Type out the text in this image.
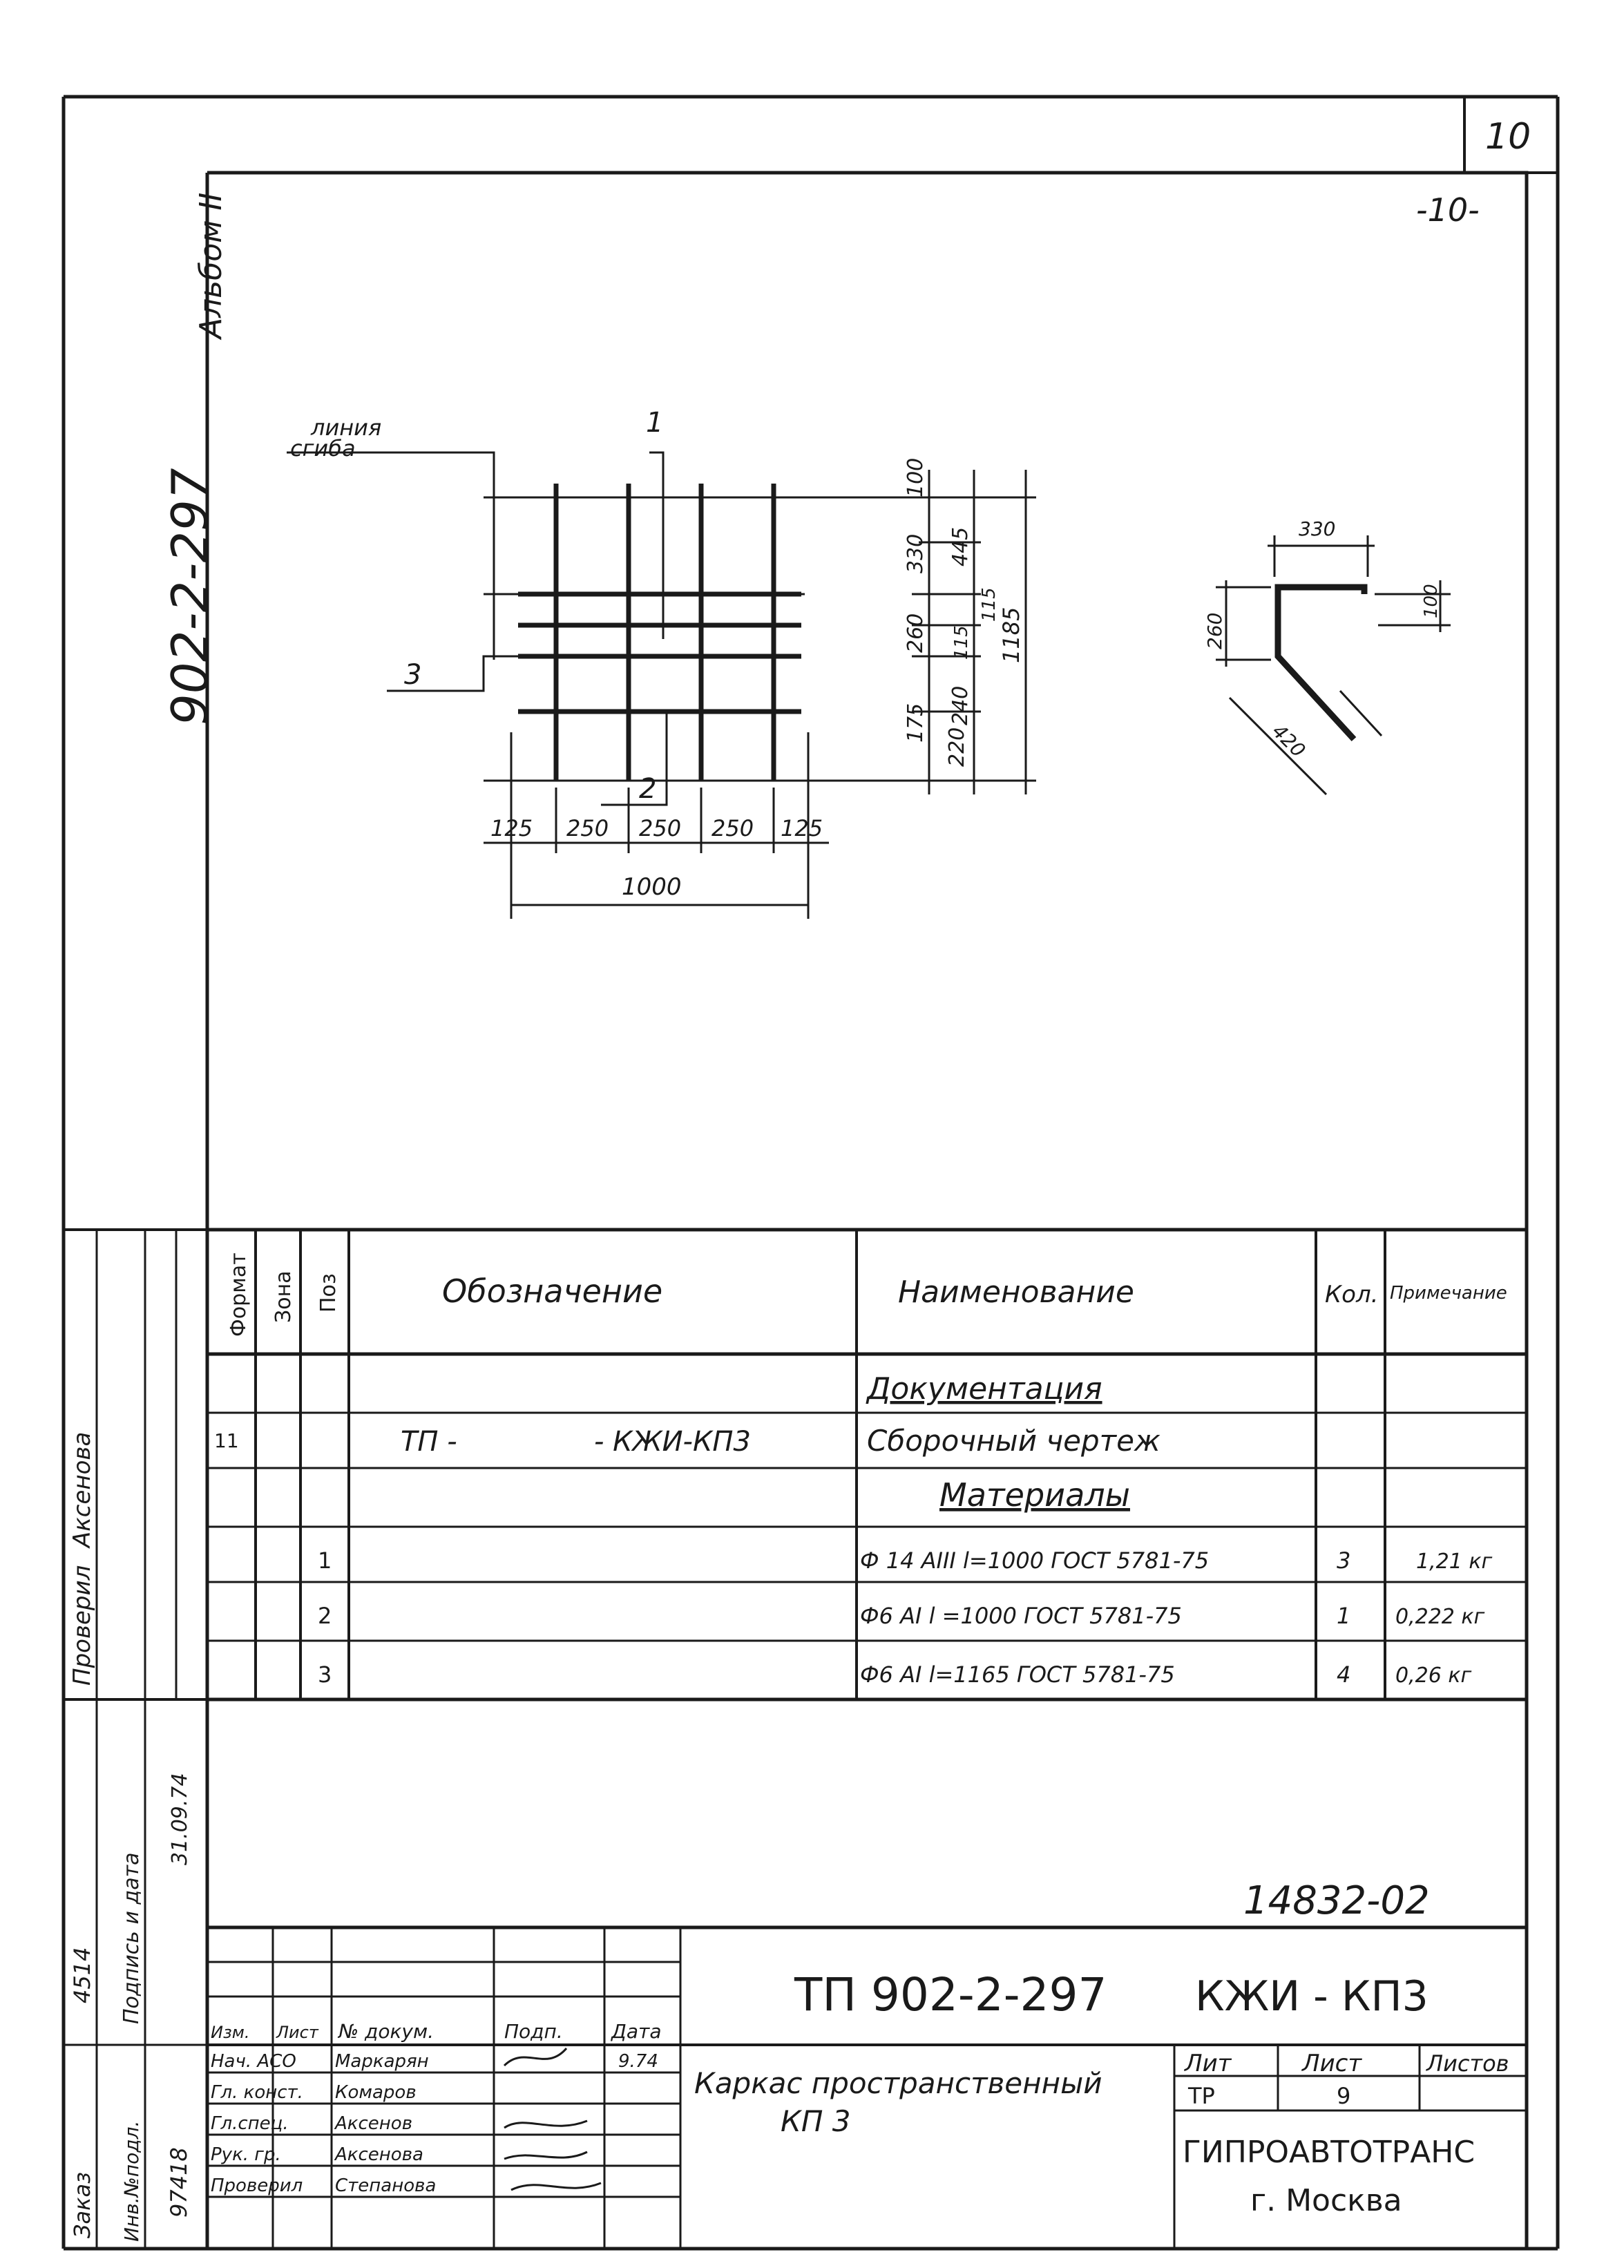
10
-10-
Альбом II
902-2-297
линия
сгиба
1
3
2
125 250 250 250 125
1000
100
330
260
175
220
445
115
115
240
1185
330
260
100
420
Формат Зона Поз	Обозначение	Наименование	Кол. Примечание
Документация
11	ТП -	- КЖИ-КП3	Сборочный чертеж
Материалы
1	Ф 14 АIII l=1000 ГОСТ 5781-75	3	1,21 кг
2	Ф6 АI l =1000 ГОСТ 5781-75	1 0,222 кг
3	Ф6 АI l=1165 ГОСТ 5781-75	4 0,26 кг
Проверил
Аксенова
Заказ
4514 Подпись и дата
31.09.74
Инв.№подл. 97418
14832-02
ТП 902-2-297 КЖИ - КП3
Изм. Лист № докум.	Подп.	Дата
Нач. АСО Маркарян	9.74
Гл. конст. Комаров
Гл.спец.	Аксенов
Рук. гр.	Аксенова
Проверил Степанова
Каркас пространственный
КП 3
Лит	Лист	Листов
ТР	9
ГИПРОАВТОТРАНС
г. Москва
